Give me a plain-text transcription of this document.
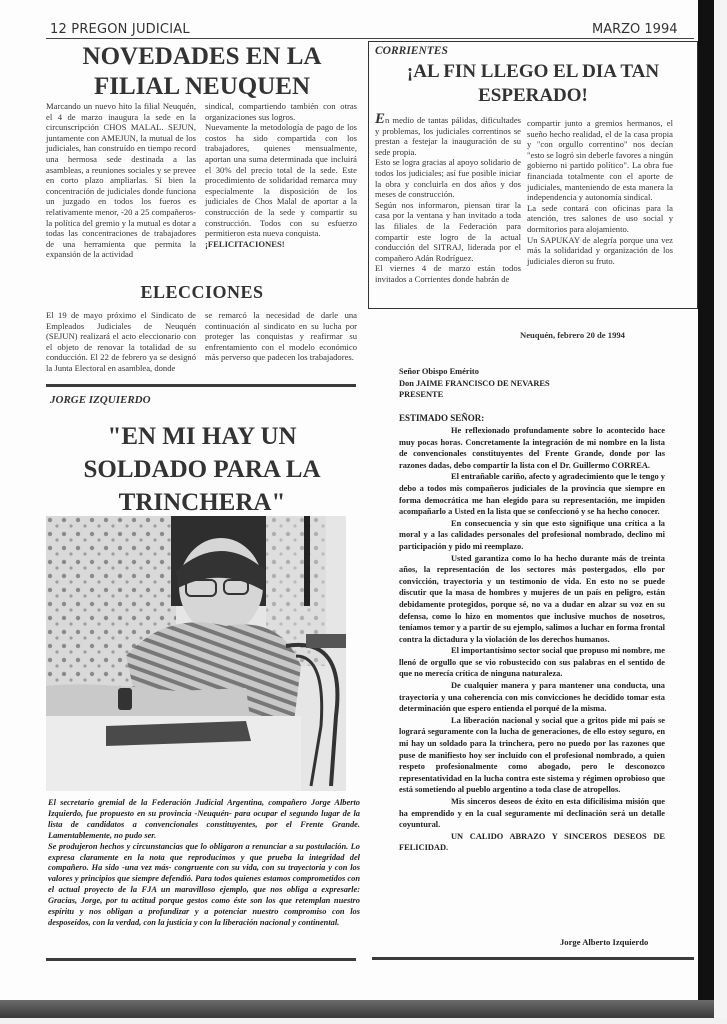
12 PREGON JUDICIAL	MARZO 1994
NOVEDADES EN LA FILIAL NEUQUEN

Marcando un nuevo hito la filial Neuquén, el 4 de marzo inaugura la sede en la circunscripción CHOS MALAL. SEJUN, juntamente con AMEJUN, la mutual de los judiciales, han construído en tiempo record una hermosa sede destinada a las asambleas, a reuniones sociales y se prevee en corto plazo ampliarlas. Si bien la concentración de judiciales donde funciona un juzgado en todos los fueros es relativamente menor, -20 a 25 compañeros- la política del gremio y la mutual es dotar a todas las concentraciones de trabajadores de una herramienta que permita la expansión de la actividad

sindical, compartiendo también con otras organizaciones sus logros.

Nuevamente la metodología de pago de los costos ha sido compartida con los trabajadores, quienes mensualmente, aportan una suma determinada que incluirá el 30% del precio total de la sede. Este procedimiento de solidaridad remarca muy especialmente la disposición de los judiciales de Chos Malal de aportar a la construcción de la sede y compartir su construcción. Todos con su esfuerzo permitieron esta nueva conquista.

¡FELICITACIONES!

ELECCIONES

El 19 de mayo próximo el Sindicato de Empleados Judiciales de Neuquén (SEJUN) realizará el acto eleccionario con el objeto de renovar la totalidad de su conducción. El 22 de febrero ya se designó la Junta Electoral en asamblea, donde

se remarcó la necesidad de darle una continuación al sindicato en su lucha por proteger las conquistas y reafirmar su enfrentamiento con el modelo económico más perverso que padecen los trabajadores.

CORRIENTES
¡AL FIN LLEGO EL DIA TAN ESPERADO!

En medio de tantas pálidas, dificultades y problemas, los judiciales correntinos se prestan a festejar la inauguración de su sede propia.

Esto se logra gracias al apoyo solidario de todos los judiciales; así fue posible iniciar la obra y concluirla en dos años y dos meses de construcción.

Según nos informaron, piensan tirar la casa por la ventana y han invitado a toda las filiales de la Federación para compartir este logro de la actual conducción del SITRAJ, liderada por el compañero Adán Rodríguez.

El viernes 4 de marzo están todos invitados a Corrientes donde habrán de

compartir junto a gremios hermanos, el sueño hecho realidad, el de la casa propia y "con orgullo correntino" nos decían "esto se logró sin deberle favores a ningún gobierno ni partido político". La obra fue financiada totalmente con el aporte de judiciales, manteniendo de esta manera la independencia y autonomía sindical.

La sede contará con oficinas para la atención, tres salones de uso social y dormitorios para alojamiento.

Un SAPUKAY de alegría porque una vez más la solidaridad y organización de los judiciales dieron su fruto.

Neuquén, febrero 20 de 1994
Señor Obispo Emérito
Don JAIME FRANCISCO DE NEVARES
PRESENTE
ESTIMADO SEÑOR:

He reflexionado profundamente sobre lo acontecido hace muy pocas horas. Concretamente la integración de mi nombre en la lista de convencionales constituyentes del Frente Grande, donde por las razones dadas, debo compartir la lista con el Dr. Guillermo CORREA.

El entrañable cariño, afecto y agradecimiento que le tengo y debo a todos mis compañeros judiciales de la provincia que siempre en forma democrática me han elegido para su representación, me impiden acompañarlo a Usted en la lista que se confeccionó y se ha hecho conocer.

En consecuencia y sin que esto signifique una crítica a la moral y a las calidades personales del profesional nombrado, declino mi participación y pido mi reemplazo.

Usted garantiza como lo ha hecho durante más de treinta años, la representación de los sectores más postergados, ello por convicción, trayectoria y un testimonio de vida. En esto no se puede discutir que la masa de hombres y mujeres de un país en peligro, están debidamente protegidos, porque sé, no va a dudar en alzar su voz en su defensa, como lo hizo en momentos que inclusive muchos de nosotros, teníamos temor y a partir de su ejemplo, salimos a luchar en forma frontal contra la dictadura y la violación de los derechos humanos.

El importantísimo sector social que propuso mi nombre, me llenó de orgullo que se vio robustecido con sus palabras en el sentido de que no merecía crítica de ninguna naturaleza.

De cualquier manera y para mantener una conducta, una trayectoria y una coherencia con mis convicciones he decidido tomar esta determinación que espero entienda el porqué de la misma.

La liberación nacional y social que a gritos pide mi país se logrará seguramente con la lucha de generaciones, de ello estoy seguro, en mi hay un soldado para la trinchera, pero no puedo por las razones que puse de manifiesto hoy ser incluído con el profesional nombrado, a quien respeto profesionalmente como abogado, pero le desconozco representatividad en la lucha contra este sistema y régimen oprobioso que está sometiendo al pueblo argentino a toda clase de atropellos.

Mis sinceros deseos de éxito en esta dificilísima misión que ha emprendido y en la cual seguramente mi declinación será un detalle coyuntural.

UN CALIDO ABRAZO Y SINCEROS DESEOS DE FELICIDAD.

Jorge Alberto Izquierdo
JORGE IZQUIERDO
"EN MI HAY UN SOLDADO PARA LA TRINCHERA"
El secretario gremial de la Federación Judicial Argentina, compañero Jorge Alberto Izquierdo, fue propuesto en su provincia -Neuquén- para ocupar el segundo lugar de la lista de candidatos a convencionales constituyentes, por el Frente Grande. Lamentablemente, no pudo ser.
Se produjeron hechos y circunstancias que lo obligaron a renunciar a su postulación. Lo expresa claramente en la nota que reproducimos y que prueba la integridad del compañero. Ha sido -una vez más- congruente con su vida, con su trayectoria y con los valores y principios que siempre defendió. Para todos quienes estamos comprometidos con el actual proyecto de la FJA un maravilloso ejemplo, que nos obliga a expresarle: Gracias, Jorge, por tu actitud porque gestos como éste son los que retemplan nuestro espíritu y nos obligan a profundizar y a potenciar nuestro compromiso con los desposeídos, con la verdad, con la justicia y con la liberación nacional y continental.
